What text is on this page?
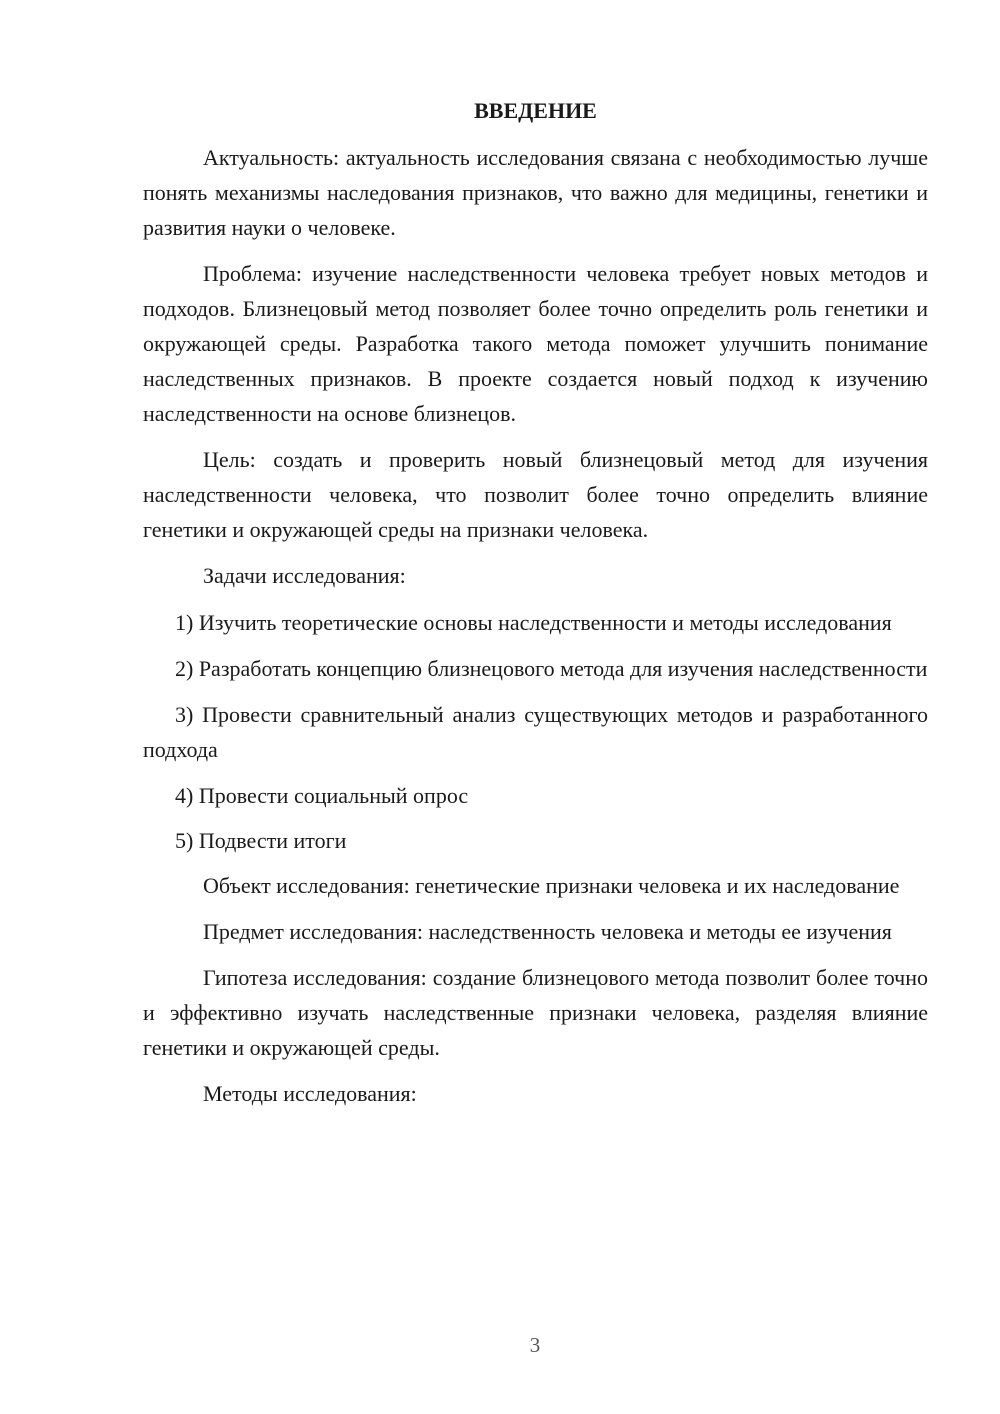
ВВЕДЕНИЕ

Актуальность: актуальность исследования связана с необходимостью лучше понять механизмы наследования признаков, что важно для медицины, генетики и развития науки о человеке.

Проблема: изучение наследственности человека требует новых методов и подходов. Близнецовый метод позволяет более точно определить роль генетики и окружающей среды. Разработка такого метода поможет улучшить понимание наследственных признаков. В проекте создается новый подход к изучению наследственности на основе близнецов.

Цель: создать и проверить новый близнецовый метод для изучения наследственности человека, что позволит более точно определить влияние генетики и окружающей среды на признаки человека.

Задачи исследования:

1) Изучить теоретические основы наследственности и методы исследования

2) Разработать концепцию близнецового метода для изучения наследственности

3) Провести сравнительный анализ существующих методов и разработанного подхода

4) Провести социальный опрос

5) Подвести итоги

Объект исследования: генетические признаки человека и их наследование

Предмет исследования: наследственность человека и методы ее изучения

Гипотеза исследования: создание близнецового метода позволит более точно и эффективно изучать наследственные признаки человека, разделяя влияние генетики и окружающей среды.

Методы исследования:

3
